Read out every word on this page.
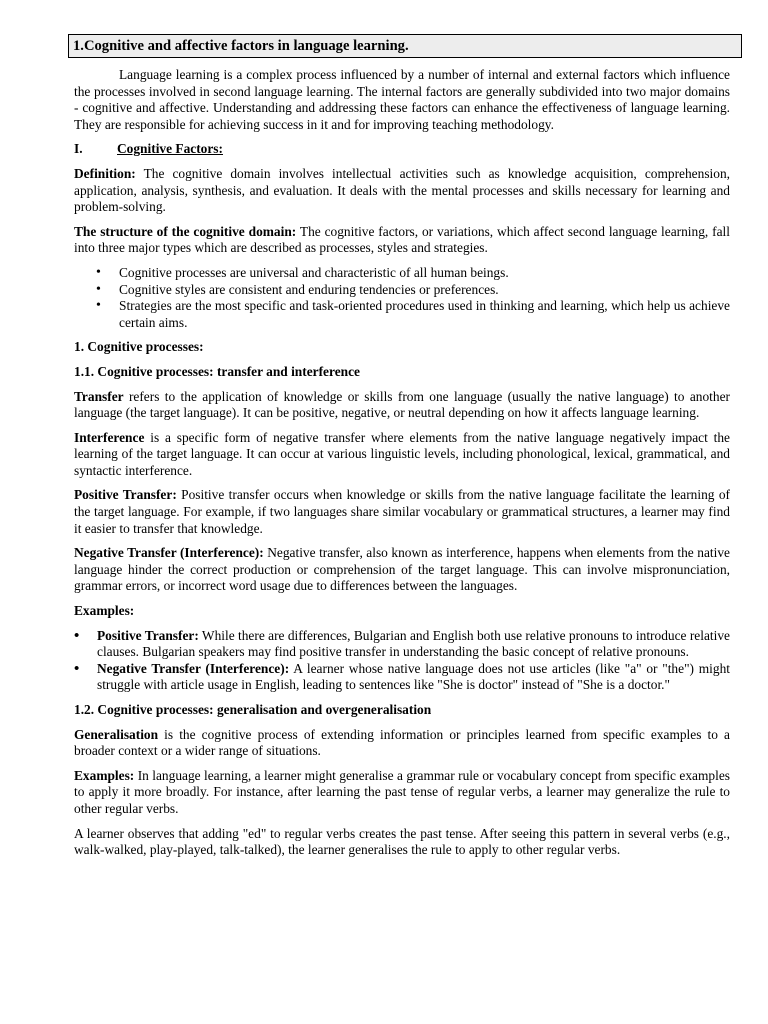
1.Cognitive and affective factors in language learning.

Language learning is a complex process influenced by a number of internal and external factors which influence the processes involved in second language learning. The internal factors are generally subdivided into two major domains - cognitive and affective. Understanding and addressing these factors can enhance the effectiveness of language learning. They are responsible for achieving success in it and for improving teaching methodology.

I.	Cognitive Factors:

Definition: The cognitive domain involves intellectual activities such as knowledge acquisition, comprehension, application, analysis, synthesis, and evaluation. It deals with the mental processes and skills necessary for learning and problem-solving.

The structure of the cognitive domain: The cognitive factors, or variations, which affect second language learning, fall into three major types which are described as processes, styles and strategies.

• Cognitive processes are universal and characteristic of all human beings.
• Cognitive styles are consistent and enduring tendencies or preferences.
• Strategies are the most specific and task-oriented procedures used in thinking and learning, which help us achieve certain aims.
1. Cognitive processes:
1.1. Cognitive processes: transfer and interference

Transfer refers to the application of knowledge or skills from one language (usually the native language) to another language (the target language). It can be positive, negative, or neutral depending on how it affects language learning.

Interference is a specific form of negative transfer where elements from the native language negatively impact the learning of the target language. It can occur at various linguistic levels, including phonological, lexical, grammatical, and syntactic interference.

Positive Transfer: Positive transfer occurs when knowledge or skills from the native language facilitate the learning of the target language. For example, if two languages share similar vocabulary or grammatical structures, a learner may find it easier to transfer that knowledge.

Negative Transfer (Interference): Negative transfer, also known as interference, happens when elements from the native language hinder the correct production or comprehension of the target language. This can involve mispronunciation, grammar errors, or incorrect word usage due to differences between the languages.

Examples:
• Positive Transfer: While there are differences, Bulgarian and English both use relative pronouns to introduce relative clauses. Bulgarian speakers may find positive transfer in understanding the basic concept of relative pronouns.
• Negative Transfer (Interference): A learner whose native language does not use articles (like "a" or "the") might struggle with article usage in English, leading to sentences like "She is doctor" instead of "She is a doctor."
1.2. Cognitive processes: generalisation and overgeneralisation

Generalisation is the cognitive process of extending information or principles learned from specific examples to a broader context or a wider range of situations.

Examples: In language learning, a learner might generalise a grammar rule or vocabulary concept from specific examples to apply it more broadly. For instance, after learning the past tense of regular verbs, a learner may generalize the rule to other regular verbs.

A learner observes that adding "ed" to regular verbs creates the past tense. After seeing this pattern in several verbs (e.g., walk-walked, play-played, talk-talked), the learner generalises the rule to apply to other regular verbs.
